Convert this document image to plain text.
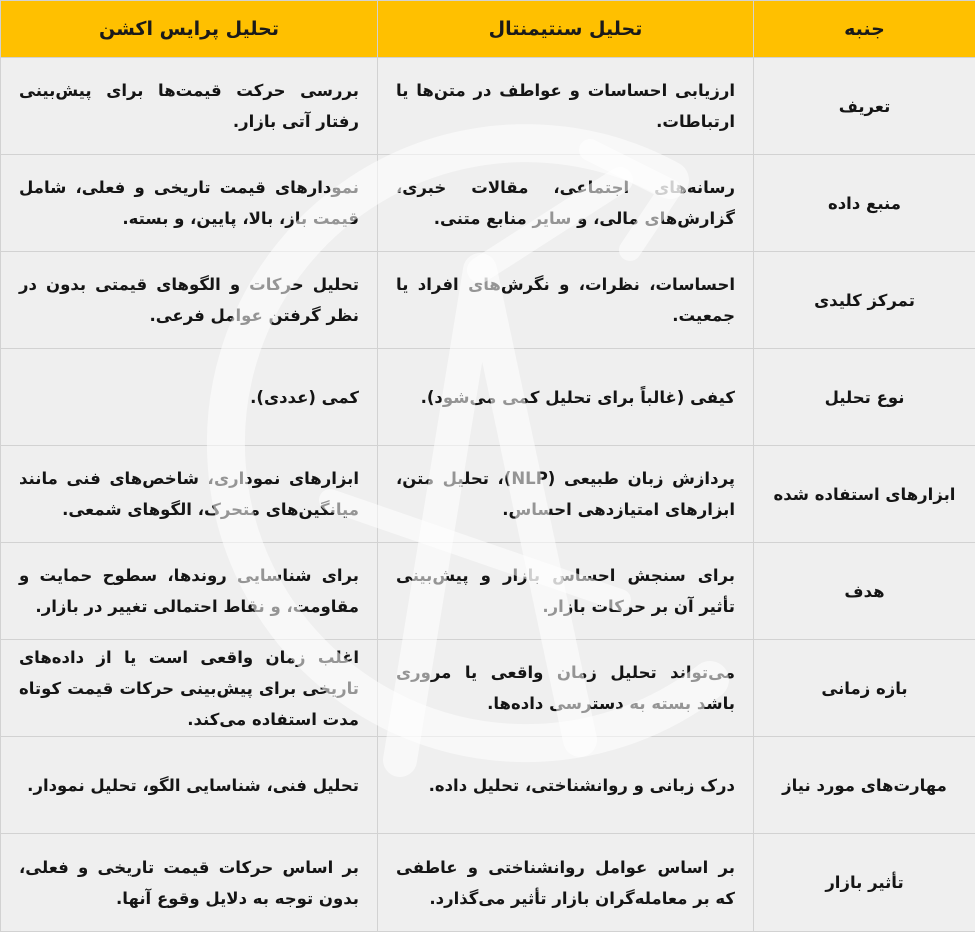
جنبه	تحلیل سنتیمنتال	تحلیل پرایس اکشن
تعریف	ارزیابی احساسات و عواطف در متن‌ها یا ارتباطات.	بررسی حرکت قیمت‌ها برای پیش‌بینی رفتار آتی بازار.
منبع داده	رسانه‌های اجتماعی، مقالات خبری، گزارش‌های مالی، و سایر منابع متنی.	نمودارهای قیمت تاریخی و فعلی، شامل قیمت باز، بالا، پایین، و بسته.
تمرکز کلیدی	احساسات، نظرات، و نگرش‌های افراد یا جمعیت.	تحلیل حرکات و الگوهای قیمتی بدون در نظر گرفتن عوامل فرعی.
نوع تحلیل	کیفی (غالباً برای تحلیل کمی می‌شود).	کمی (عددی).
ابزارهای استفاده شده	پردازش زبان طبیعی (NLP)، تحلیل متن، ابزارهای امتیازدهی احساس.	ابزارهای نموداری، شاخص‌های فنی مانند میانگین‌های متحرک، الگوهای شمعی.
هدف	برای سنجش احساس بازار و پیش‌بینی تأثیر آن بر حرکات بازار.	برای شناسایی روندها، سطوح حمایت و مقاومت، و نقاط احتمالی تغییر در بازار.
بازه زمانی	می‌تواند تحلیل زمان واقعی یا مروری باشد بسته به دسترسی داده‌ها.	اغلب زمان واقعی است یا از داده‌های تاریخی برای پیش‌بینی حرکات قیمت کوتاه مدت استفاده می‌کند.
مهارت‌های مورد نیاز	درک زبانی و روانشناختی، تحلیل داده.	تحلیل فنی، شناسایی الگو، تحلیل نمودار.
تأثیر بازار	بر اساس عوامل روانشناختی و عاطفی که بر معامله‌گران بازار تأثیر می‌گذارد.	بر اساس حرکات قیمت تاریخی و فعلی، بدون توجه به دلایل وقوع آنها.
